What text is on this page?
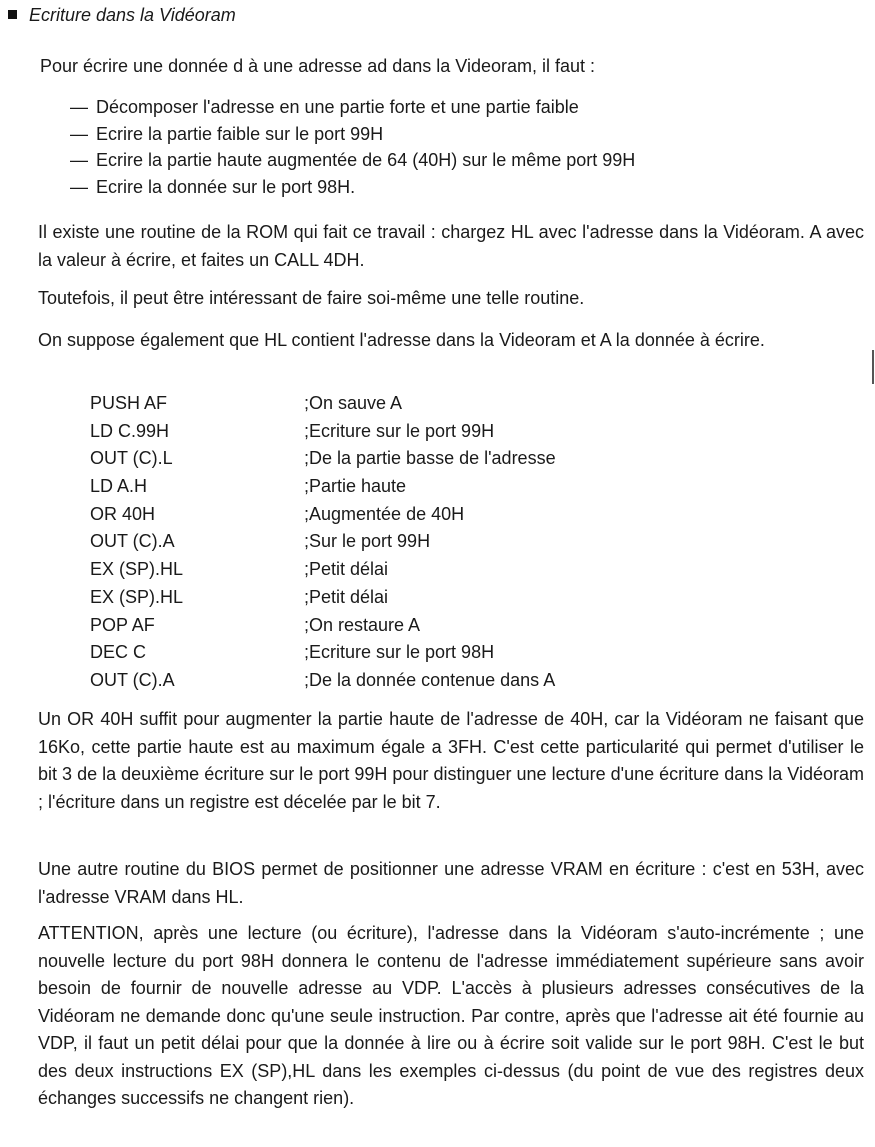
Ecriture dans la Vidéoram
Pour écrire une donnée d à une adresse ad dans la Videoram, il faut :
— Décomposer l'adresse en une partie forte et une partie faible
— Ecrire la partie faible sur le port 99H
— Ecrire la partie haute augmentée de 64 (40H) sur le même port 99H
— Ecrire la donnée sur le port 98H.

Il existe une routine de la ROM qui fait ce travail : chargez HL avec l'adresse dans la Vidéoram. A avec la valeur à écrire, et faites un CALL 4DH.

Toutefois, il peut être intéressant de faire soi-même une telle routine.

On suppose également que HL contient l'adresse dans la Videoram et A la donnée à écrire.

PUSH AF	;On sauve A
LD C.99H	;Ecriture sur le port 99H
OUT (C).L	;De la partie basse de l'adresse
LD A.H	;Partie haute
OR 40H	;Augmentée de 40H
OUT (C).A	;Sur le port 99H
EX (SP).HL	;Petit délai
EX (SP).HL	;Petit délai
POP AF	;On restaure A
DEC C	;Ecriture sur le port 98H
OUT (C).A	;De la donnée contenue dans A

Un OR 40H suffit pour augmenter la partie haute de l'adresse de 40H, car la Vidéoram ne faisant que 16Ko, cette partie haute est au maximum égale a 3FH. C'est cette particularité qui permet d'utiliser le bit 3 de la deuxième écriture sur le port 99H pour distinguer une lecture d'une écriture dans la Vidéoram ; l'écriture dans un registre est décelée par le bit 7.

Une autre routine du BIOS permet de positionner une adresse VRAM en écriture : c'est en 53H, avec l'adresse VRAM dans HL.

ATTENTION, après une lecture (ou écriture), l'adresse dans la Vidéoram s'auto-incrémente ; une nouvelle lecture du port 98H donnera le contenu de l'adresse immédiatement supérieure sans avoir besoin de fournir de nouvelle adresse au VDP. L'accès à plusieurs adresses consécutives de la Vidéoram ne demande donc qu'une seule instruction. Par contre, après que l'adresse ait été fournie au VDP, il faut un petit délai pour que la donnée à lire ou à écrire soit valide sur le port 98H. C'est le but des deux instructions EX (SP),HL dans les exemples ci-dessus (du point de vue des registres deux échanges successifs ne changent rien).
